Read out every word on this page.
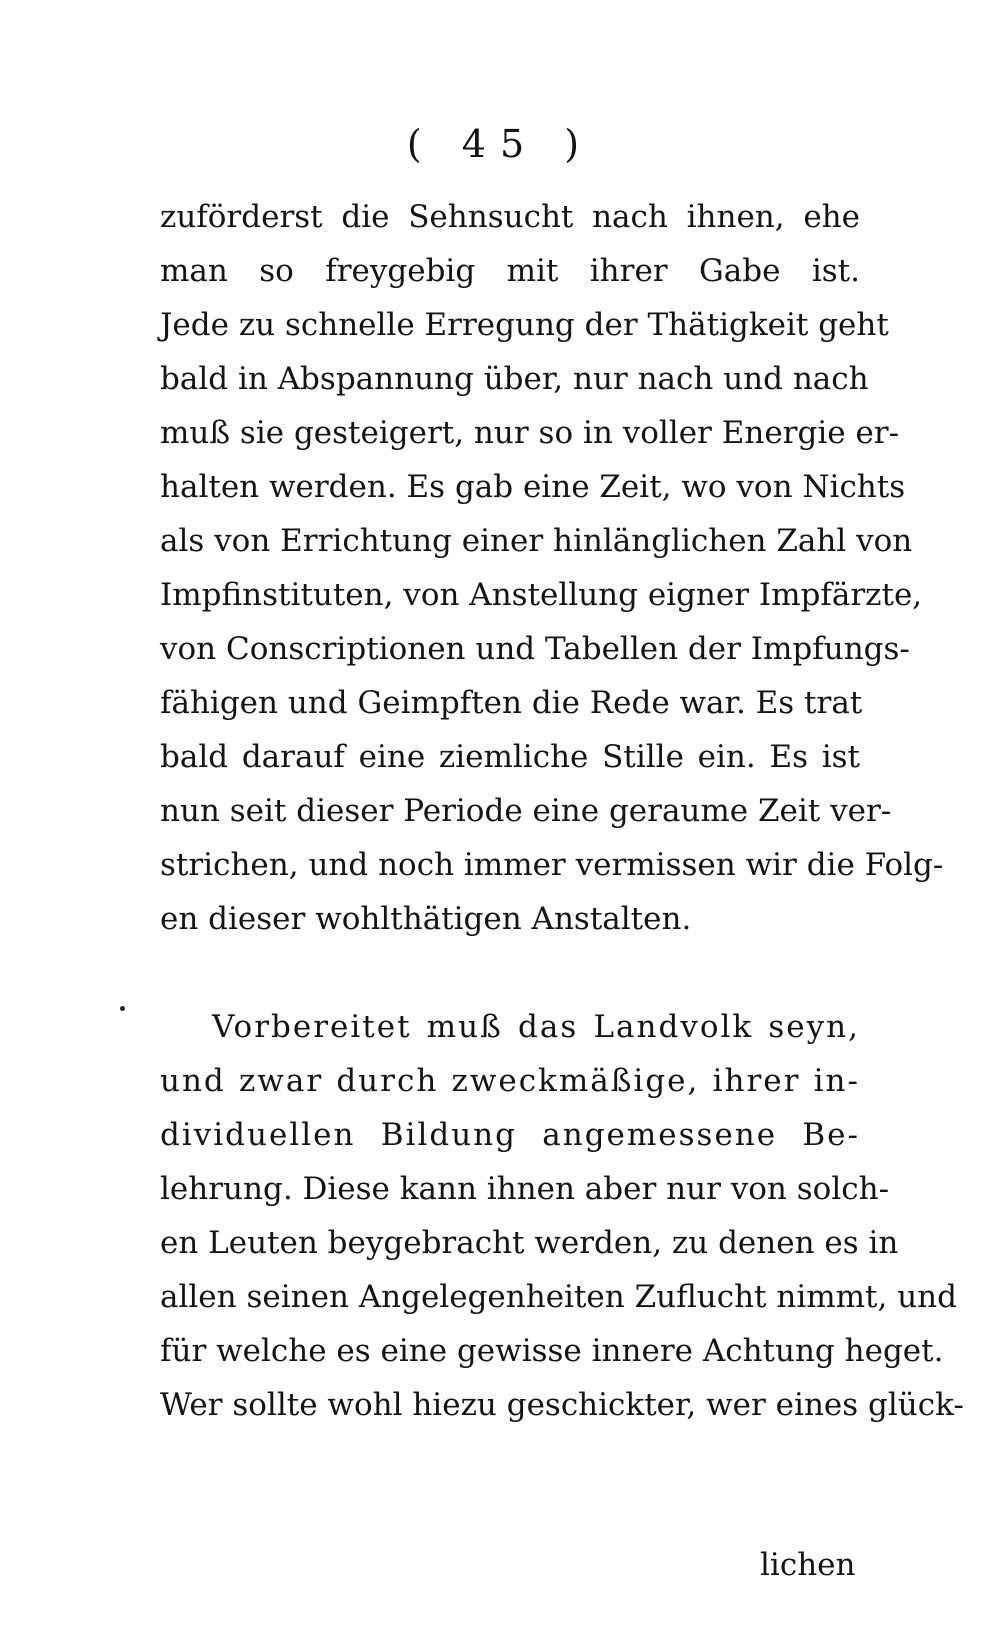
( 45 )
zuförderst die Sehnsucht nach ihnen, ehe
man so freygebig mit ihrer Gabe ist.
Jede zu schnelle Erregung der Thätigkeit geht
bald in Abspannung über, nur nach und nach
muß sie gesteigert, nur so in voller Energie er-
halten werden. Es gab eine Zeit, wo von Nichts
als von Errichtung einer hinlänglichen Zahl von
Impfinstituten, von Anstellung eigner Impfärzte,
von Conscriptionen und Tabellen der Impfungs-
fähigen und Geimpften die Rede war. Es trat
bald darauf eine ziemliche Stille ein. Es ist
nun seit dieser Periode eine geraume Zeit ver-
strichen, und noch immer vermissen wir die Folg-
en dieser wohlthätigen Anstalten.
Vorbereitet muß das Landvolk seyn,
und zwar durch zweckmäßige, ihrer in-
dividuellen Bildung angemessene Be-
lehrung. Diese kann ihnen aber nur von solch-
en Leuten beygebracht werden, zu denen es in
allen seinen Angelegenheiten Zuflucht nimmt, und
für welche es eine gewisse innere Achtung heget.
Wer sollte wohl hiezu geschickter, wer eines glück-
lichen
